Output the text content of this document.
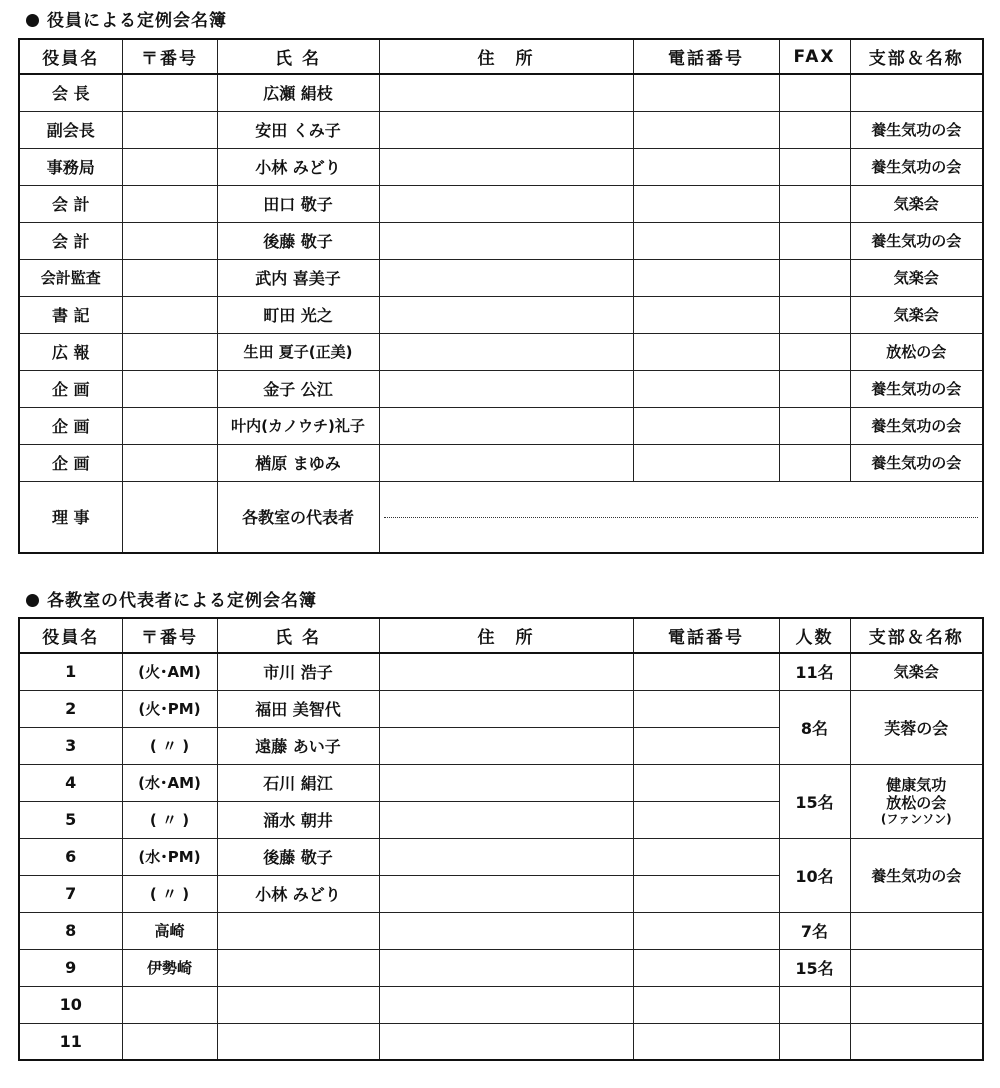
役員による定例会名簿
役員名	〒番号	氏 名	住　所	電話番号	FAX	支部＆名称
会 長		広瀬 絹枝				
副会長		安田 くみ子				養生気功の会
事務局		小林 みどり				養生気功の会
会 計		田口 敬子				気楽会
会 計		後藤 敬子				養生気功の会
会計監査		武内 喜美子				気楽会
書 記		町田 光之				気楽会
広 報		生田 夏子(正美)				放松の会
企 画		金子 公江				養生気功の会
企 画		叶内(カノウチ)礼子				養生気功の会
企 画		楢原 まゆみ				養生気功の会
理 事		各教室の代表者				
各教室の代表者による定例会名簿
役員名	〒番号	氏 名	住　所	電話番号	人数	支部＆名称
1	(火･AM)	市川 浩子			11名	気楽会
2	(火･PM)	福田 美智代			8名	芙蓉の会
3	( 〃 )	遠藤 あい子				
4	(水･AM)	石川 絹江			15名	健康気功
放松の会
(ファンソン)

5	( 〃 )	涌水 朝井				
6	(水･PM)	後藤 敬子			10名	養生気功の会
7	( 〃 )	小林 みどり				
8	高崎				7名	
9	伊勢崎				15名	
10						
11						
